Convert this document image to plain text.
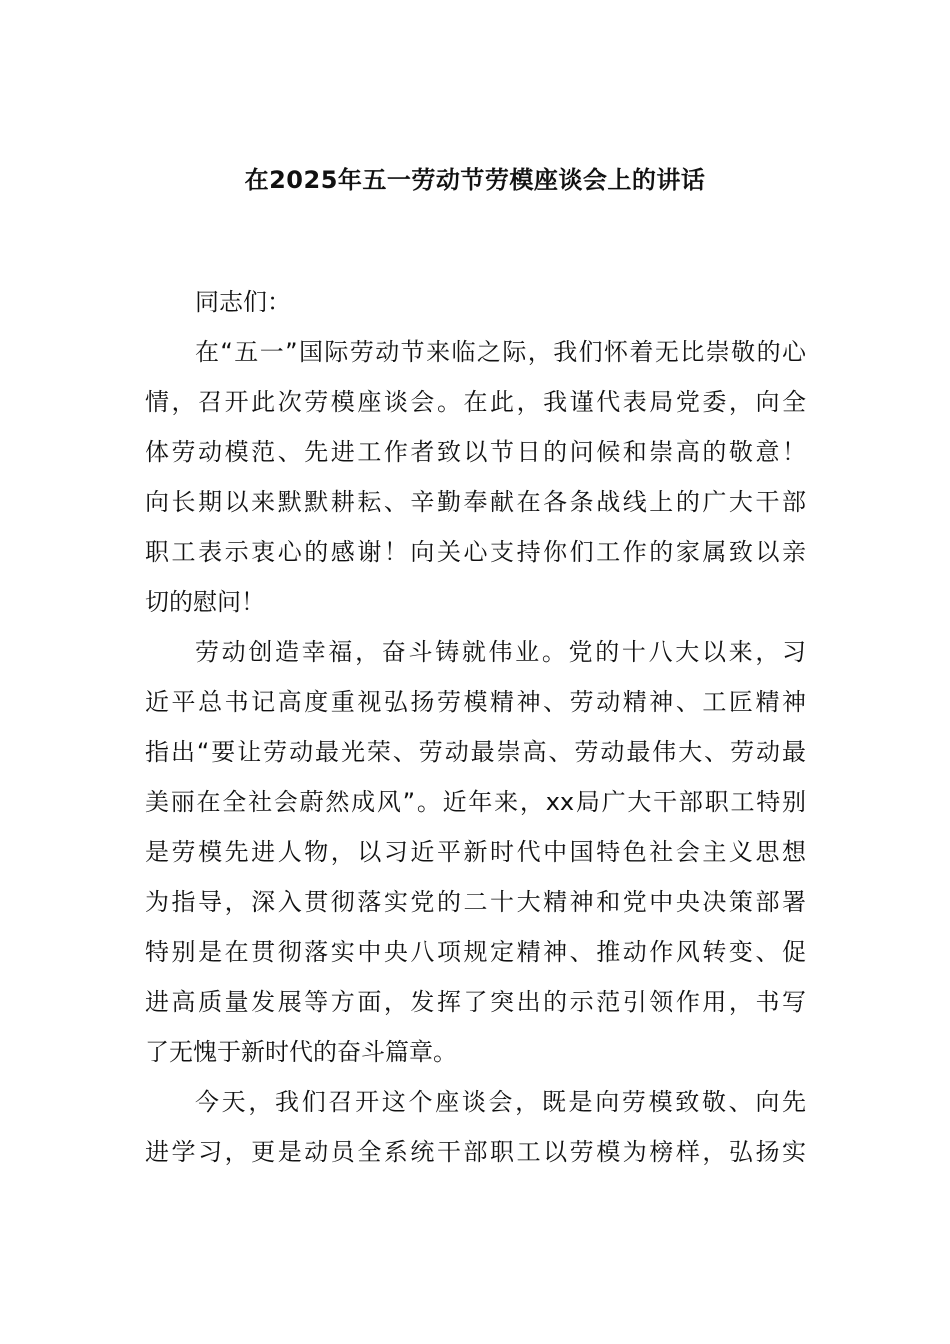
在2025年五一劳动节劳模座谈会上的讲话
同志们：
在“五一”国际劳动节来临之际，我们怀着无比崇敬的心
情，召开此次劳模座谈会。在此，我谨代表局党委，向全
体劳动模范、先进工作者致以节日的问候和崇高的敬意！
向长期以来默默耕耘、辛勤奉献在各条战线上的广大干部
职工表示衷心的感谢！向关心支持你们工作的家属致以亲
切的慰问！
劳动创造幸福，奋斗铸就伟业。党的十八大以来，习
近平总书记高度重视弘扬劳模精神、劳动精神、工匠精神
指出“要让劳动最光荣、劳动最崇高、劳动最伟大、劳动最
美丽在全社会蔚然成风”。近年来，xx局广大干部职工特别
是劳模先进人物，以习近平新时代中国特色社会主义思想
为指导，深入贯彻落实党的二十大精神和党中央决策部署
特别是在贯彻落实中央八项规定精神、推动作风转变、促
进高质量发展等方面，发挥了突出的示范引领作用，书写
了无愧于新时代的奋斗篇章。
今天，我们召开这个座谈会，既是向劳模致敬、向先
进学习，更是动员全系统干部职工以劳模为榜样，弘扬实
